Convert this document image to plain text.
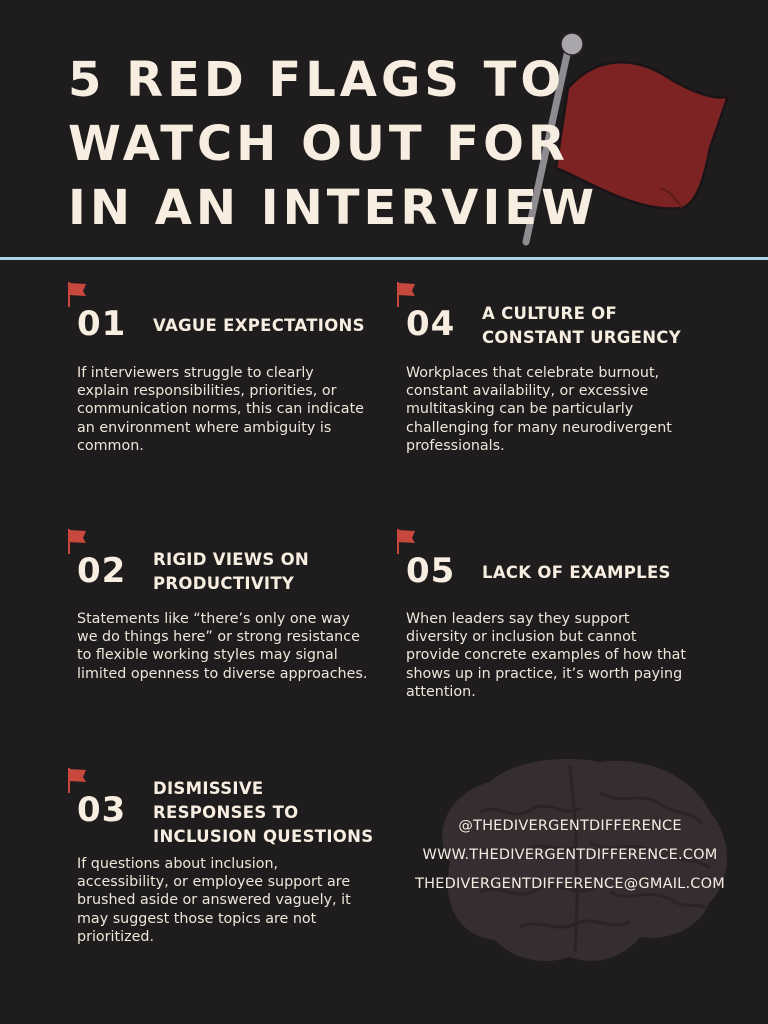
5 RED FLAGS TO
WATCH OUT FOR
IN AN INTERVIEW
01 VAGUE EXPECTATIONS
If interviewers struggle to clearly explain responsibilities, priorities, or communication norms, this can indicate an environment where ambiguity is common.
02 RIGID VIEWS ON PRODUCTIVITY
Statements like “there’s only one way we do things here” or strong resistance to flexible working styles may signal limited openness to diverse approaches.
03
DISMISSIVE RESPONSES TO INCLUSION QUESTIONS
If questions about inclusion, accessibility, or employee support are brushed aside or answered vaguely, it may suggest those topics are not prioritized.
04 A CULTURE OF CONSTANT URGENCY
Workplaces that celebrate burnout, constant availability, or excessive multitasking can be particularly challenging for many neurodivergent professionals.
05 LACK OF EXAMPLES
When leaders say they support diversity or inclusion but cannot provide concrete examples of how that shows up in practice, it’s worth paying attention.
@THEDIVERGENTDIFFERENCE
WWW.THEDIVERGENTDIFFERENCE.COM
THEDIVERGENTDIFFERENCE@GMAIL.COM
